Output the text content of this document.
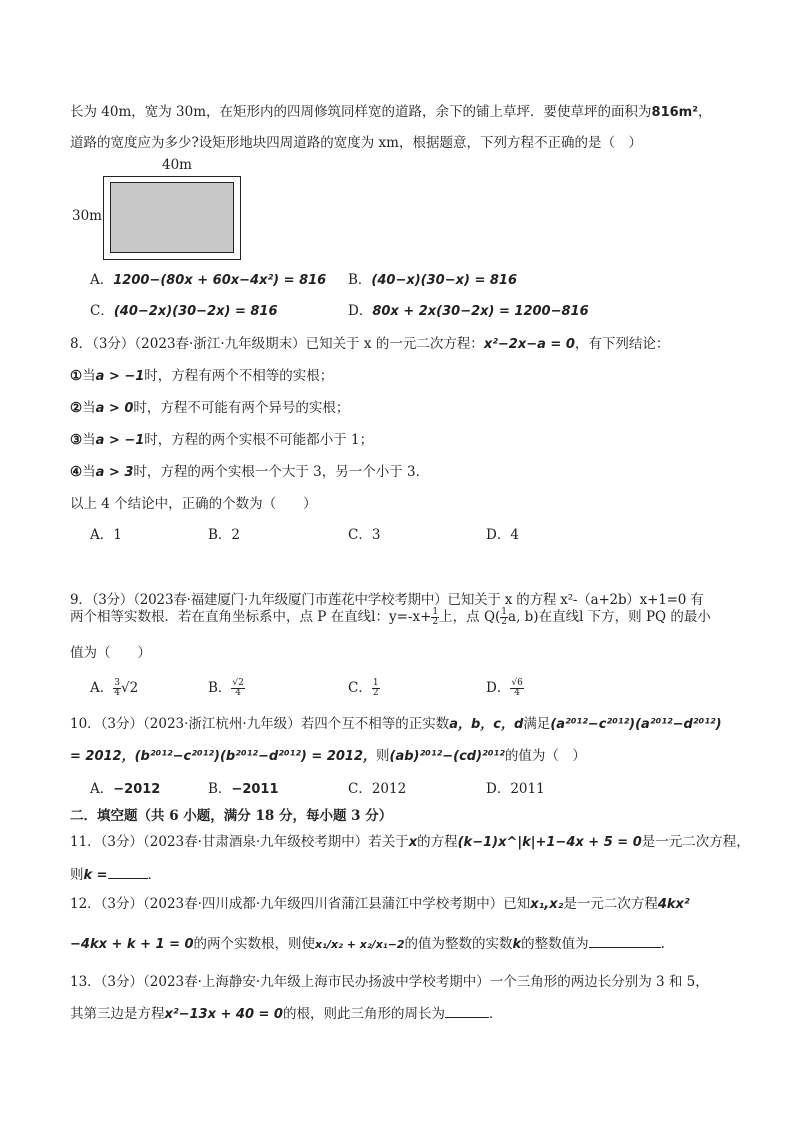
长为 40m，宽为 30m，在矩形内的四周修筑同样宽的道路，余下的铺上草坪．要使草坪的面积为816m²，
道路的宽度应为多少?设矩形地块四周道路的宽度为 xm，根据题意，下列方程不正确的是（　）
40m
30m
A．1200−(80x + 60x−4x²) = 816 B．(40−x)(30−x) = 816
C．(40−2x)(30−2x) = 816	D．80x + 2x(30−2x) = 1200−816
8．（3分）（2023春·浙江·九年级期末）已知关于 x 的一元二次方程：x²−2x−a = 0，有下列结论：
①当a > −1时，方程有两个不相等的实根；
②当a > 0时，方程不可能有两个异号的实根；
③当a > −1时，方程的两个实根不可能都小于 1；
④当a > 3时，方程的两个实根一个大于 3，另一个小于 3．
以上 4 个结论中，正确的个数为（　　）
A．1	B．2	C．3	D．4
9．（3分）（2023春·福建厦门·九年级厦门市莲花中学校考期中）已知关于 x 的方程 x²-（a+2b）x+1=0 有
两个相等实数根．若在直角坐标系中，点 P 在直线l：$y=-x+ \frac{1}{2}$ 上，点 $Q( \frac{1}{2} a$, b)在直线l 下方，则 PQ 的最小
值为（　　）
A． $\frac{3}{4} √2$	B． $\frac{√2}{4}$	C． $\frac{1}{2}$	D． $\frac{√6}{4}$
10．（3分）（2023·浙江杭州·九年级）若四个互不相等的正实数a，b，c，d满足(a²⁰¹²−c²⁰¹²)(a²⁰¹²−d²⁰¹²)
= 2012，(b²⁰¹²−c²⁰¹²)(b²⁰¹²−d²⁰¹²) = 2012，则(ab)²⁰¹²−(cd)²⁰¹²的值为（　）
A．−2012	B．−2011	C．2012	D．2011
二．填空题（共 6 小题，满分 18 分，每小题 3 分）
11．（3分）（2023春·甘肃酒泉·九年级校考期中）若关于x的方程(k−1)x^|k|+1−4x + 5 = 0是一元二次方程，
则k =	．
12．（3分）（2023春·四川成都·九年级四川省蒲江县蒲江中学校考期中）已知x₁,x₂是一元二次方程4kx²
−4kx + k + 1 = 0的两个实数根，则使x₁/x₂ + x₂/x₁−2的值为整数的实数k的整数值为	.
13．（3分）（2023春·上海静安·九年级上海市民办扬波中学校考期中）一个三角形的两边长分别为 3 和 5，
其第三边是方程x²−13x + 40 = 0的根，则此三角形的周长为	．
